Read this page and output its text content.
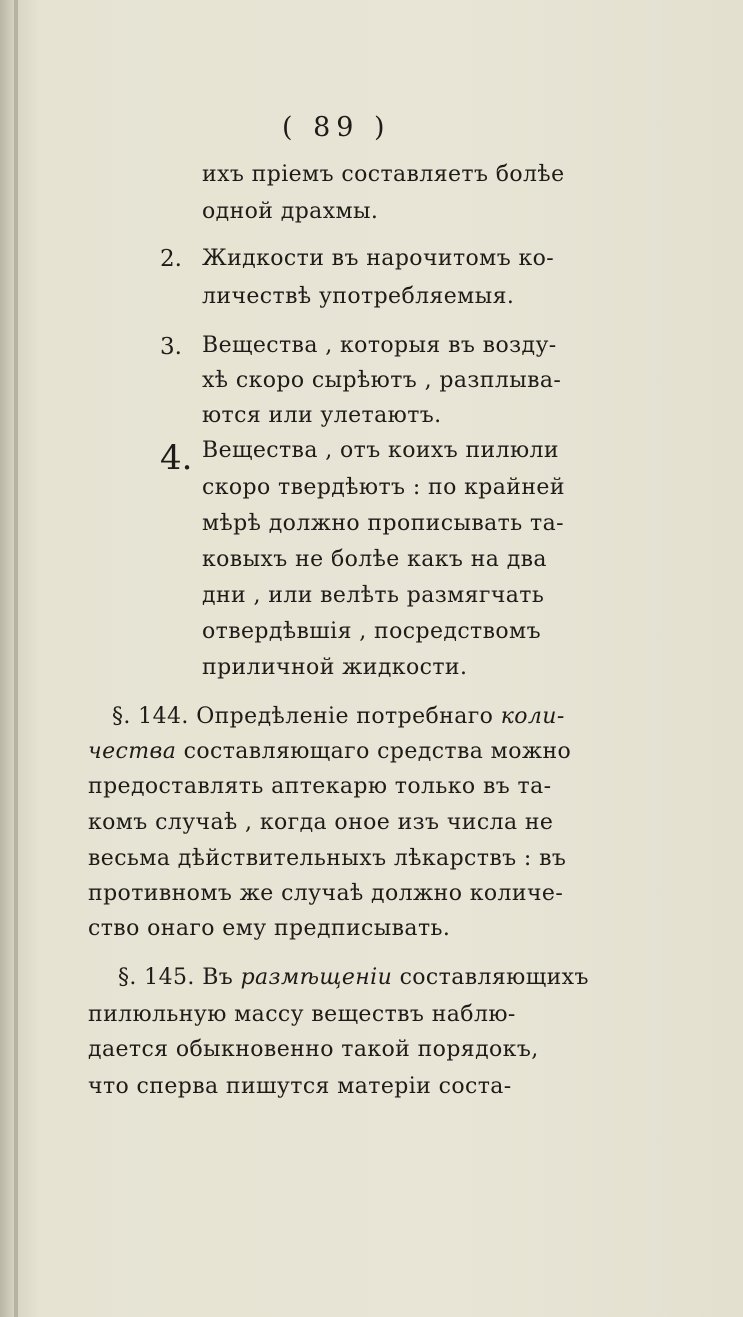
( 89 )
ихъ пріемъ составляетъ болѣе
одной драхмы.
2. Жидкости въ нарочитомъ ко-
личествѣ употребляемыя.
3. Вещества , которыя въ возду-
хѣ скоро сырѣютъ , разплыва-
ются или улетаютъ.
4. Вещества , отъ коихъ пилюли
скоро твердѣютъ : по крайней
мѣрѣ должно прописывать та-
ковыхъ не болѣе какъ на два
дни , или велѣть размягчать
отвердѣвшія , посредствомъ
приличной жидкости.
§. 144. Опредѣленіе потребнаго коли-
чества составляющаго средства можно
предоставлять аптекарю только въ та-
комъ случаѣ , когда оное изъ числа не
весьма дѣйствительныхъ лѣкарствъ : въ
противномъ же случаѣ должно количе-
ство онаго ему предписывать.
§. 145. Въ размѣщеніи составляющихъ
пилюльную массу веществъ наблю-
дается обыкновенно такой порядокъ,
что сперва пишутся матеріи соста-
